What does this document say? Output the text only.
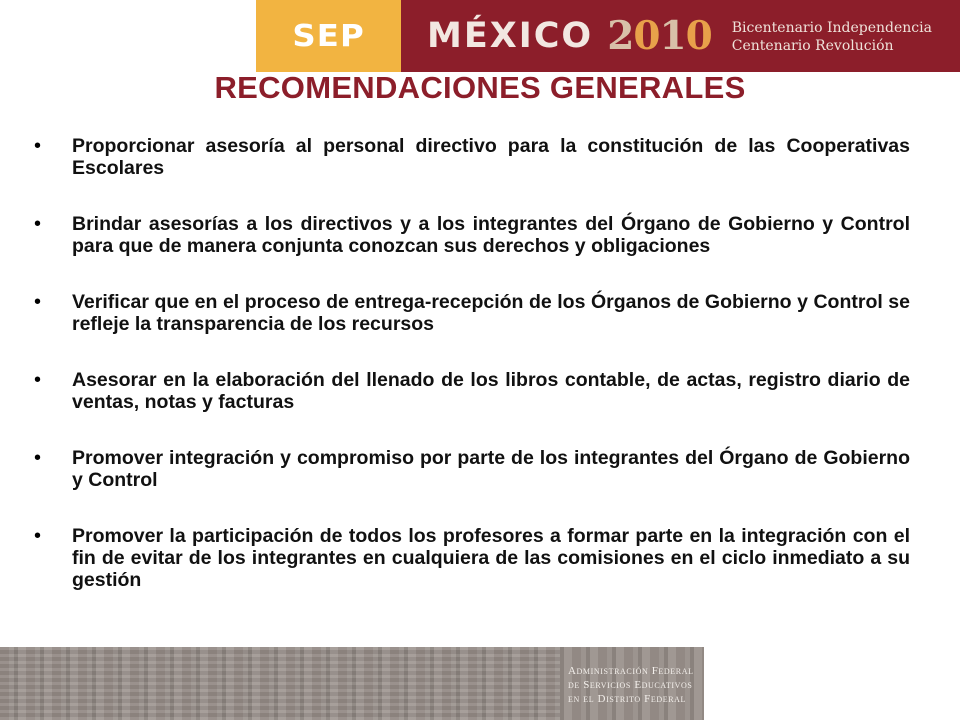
SEP MÉXICO 2010 Bicentenario Independencia
Centenario Revolución
RECOMENDACIONES GENERALES
• Proporcionar asesoría al personal directivo para la constitución de las Cooperativas Escolares
• Brindar asesorías a los directivos y a los integrantes del Órgano de Gobierno y Control para que de manera conjunta conozcan sus derechos y obligaciones
• Verificar que en el proceso de entrega-recepción de los Órganos de Gobierno y Control se refleje la transparencia de los recursos
• Asesorar en la elaboración del llenado de los libros contable, de actas, registro diario de ventas, notas y facturas
• Promover integración y compromiso por parte de los integrantes del Órgano de Gobierno y Control
• Promover la participación de todos los profesores a formar parte en la integración con el fin de evitar de los integrantes en cualquiera de las comisiones en el ciclo inmediato a su gestión
Administración Federal
de Servicios Educativos
en el Distrito Federal
